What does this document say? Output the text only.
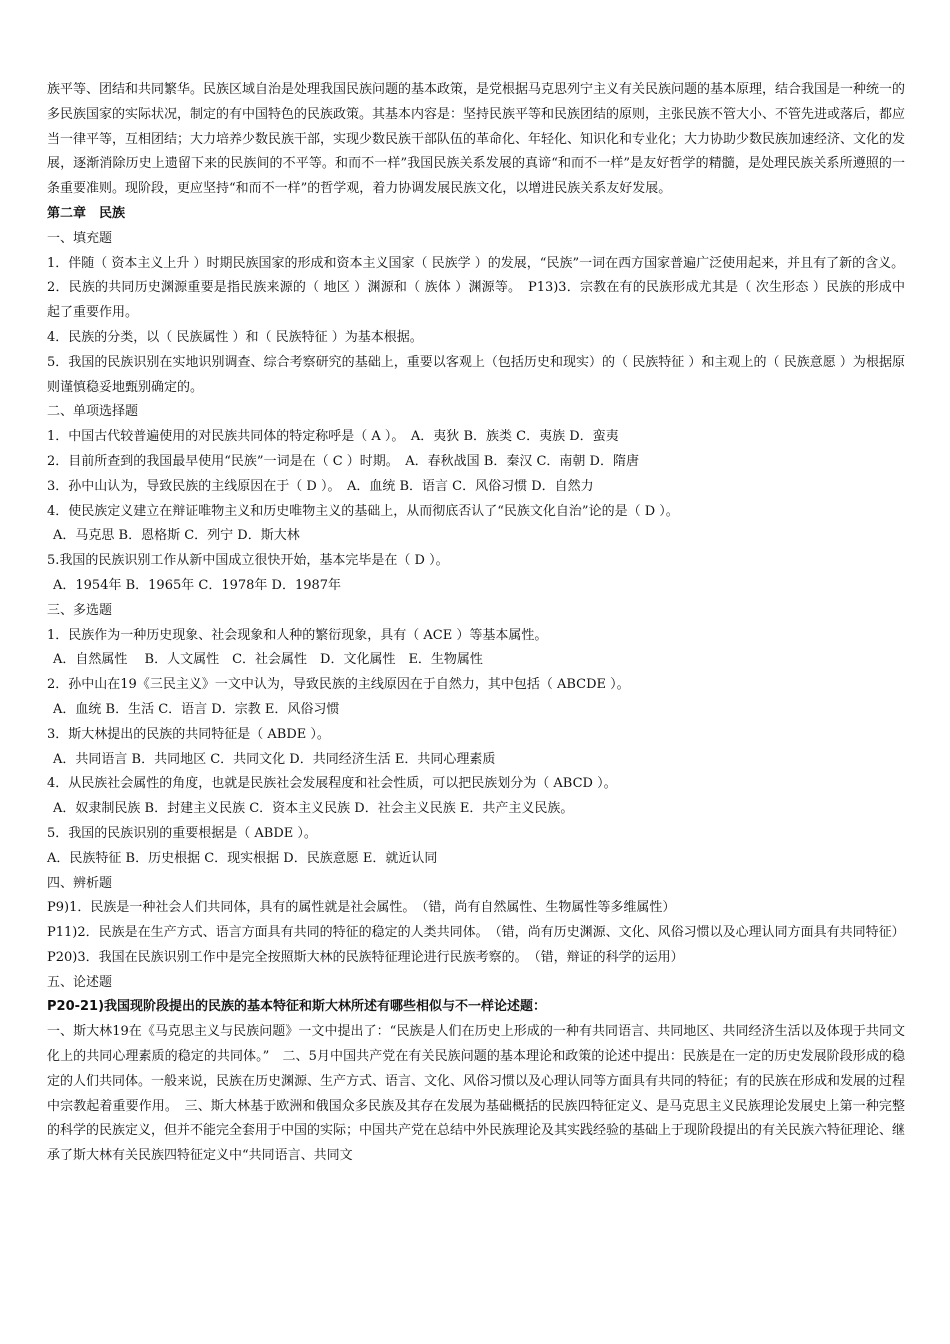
族平等、团结和共同繁华。民族区域自治是处理我国民族问题的基本政策，是党根据马克思列宁主义有关民族问题的基本原理，结合我国是一种统一的多民族国家的实际状况，制定的有中国特色的民族政策。其基本内容是：坚持民族平等和民族团结的原则，主张民族不管大小、不管先进或落后，都应当一律平等，互相团结；大力培养少数民族干部，实现少数民族干部队伍的革命化、年轻化、知识化和专业化；大力协助少数民族加速经济、文化的发展，逐渐消除历史上遗留下来的民族间的不平等。和而不一样”我国民族关系发展的真谛“和而不一样”是友好哲学的精髓，是处理民族关系所遵照的一条重要准则。现阶段，更应坚持“和而不一样”的哲学观，着力协调发展民族文化，以增进民族关系友好发展。

第二章　民族

一、填充题

1．伴随（ 资本主义上升 ）时期民族国家的形成和资本主义国家（ 民族学 ）的发展，“民族”一词在西方国家普遍广泛使用起来，并且有了新的含义。

2．民族的共同历史渊源重要是指民族来源的（ 地区 ）渊源和（ 族体 ）渊源等。　P13)3．宗教在有的民族形成尤其是（ 次生形态 ）民族的形成中起了重要作用。

4．民族的分类，以（ 民族属性 ）和（ 民族特征 ）为基本根据。

5．我国的民族识别在实地识别调查、综合考察研究的基础上，重要以客观上（包括历史和现实）的（ 民族特征 ）和主观上的（ 民族意愿 ）为根据原则谨慎稳妥地甄别确定的。

二、单项选择题

1．中国古代较普遍使用的对民族共同体的特定称呼是（ A ）。　A．夷狄 B．族类 C．夷族 D．蛮夷

2．目前所查到的我国最早使用“民族”一词是在（ C ）时期。　A．春秋战国 B．秦汉 C．南朝 D．隋唐

3．孙中山认为，导致民族的主线原因在于（ D ）。　A．血统 B．语言 C．风俗习惯 D．自然力

4．使民族定义建立在辩证唯物主义和历史唯物主义的基础上，从而彻底否认了“民族文化自治”论的是（ D ）。

A．马克思 B．恩格斯 C．列宁 D．斯大林

5.我国的民族识别工作从新中国成立很快开始，基本完毕是在（ D ）。

A．1954年 B．1965年 C．1978年 D．1987年

三、多选题

1．民族作为一种历史现象、社会现象和人种的繁衍现象，具有（ ACE ）等基本属性。

A．自然属性　 B．人文属性　C．社会属性　D．文化属性　E．生物属性

2．孙中山在19《三民主义》一文中认为，导致民族的主线原因在于自然力，其中包括（ ABCDE ）。

A．血统 B．生活 C．语言 D．宗教 E．风俗习惯

3．斯大林提出的民族的共同特征是（ ABDE ）。

A．共同语言 B．共同地区 C．共同文化 D．共同经济生活 E．共同心理素质

4．从民族社会属性的角度，也就是民族社会发展程度和社会性质，可以把民族划分为（ ABCD ）。

A．奴隶制民族 B．封建主义民族 C．资本主义民族 D．社会主义民族 E．共产主义民族。

5．我国的民族识别的重要根据是（ ABDE ）。

A．民族特征 B．历史根据 C．现实根据 D．民族意愿 E．就近认同

四、辨析题

P9)1．民族是一种社会人们共同体，具有的属性就是社会属性。　（错，尚有自然属性、生物属性等多维属性）

P11)2．民族是在生产方式、语言方面具有共同的特征的稳定的人类共同体。　（错，尚有历史渊源、文化、风俗习惯以及心理认同方面具有共同特征）

P20)3．我国在民族识别工作中是完全按照斯大林的民族特征理论进行民族考察的。　（错，辩证的科学的运用）

五、论述题

P20-21)我国现阶段提出的民族的基本特征和斯大林所述有哪些相似与不一样论述题：

一、斯大林19在《马克思主义与民族问题》一文中提出了：“民族是人们在历史上形成的一种有共同语言、共同地区、共同经济生活以及体现于共同文化上的共同心理素质的稳定的共同体。”　二、5月中国共产党在有关民族问题的基本理论和政策的论述中提出：民族是在一定的历史发展阶段形成的稳定的人们共同体。一般来说，民族在历史渊源、生产方式、语言、文化、风俗习惯以及心理认同等方面具有共同的特征；有的民族在形成和发展的过程中宗教起着重要作用。　三、斯大林基于欧洲和俄国众多民族及其存在发展为基础概括的民族四特征定义、是马克思主义民族理论发展史上第一种完整的科学的民族定义，但并不能完全套用于中国的实际；中国共产党在总结中外民族理论及其实践经验的基础上于现阶段提出的有关民族六特征理论、继承了斯大林有关民族四特征定义中“共同语言、共同文
